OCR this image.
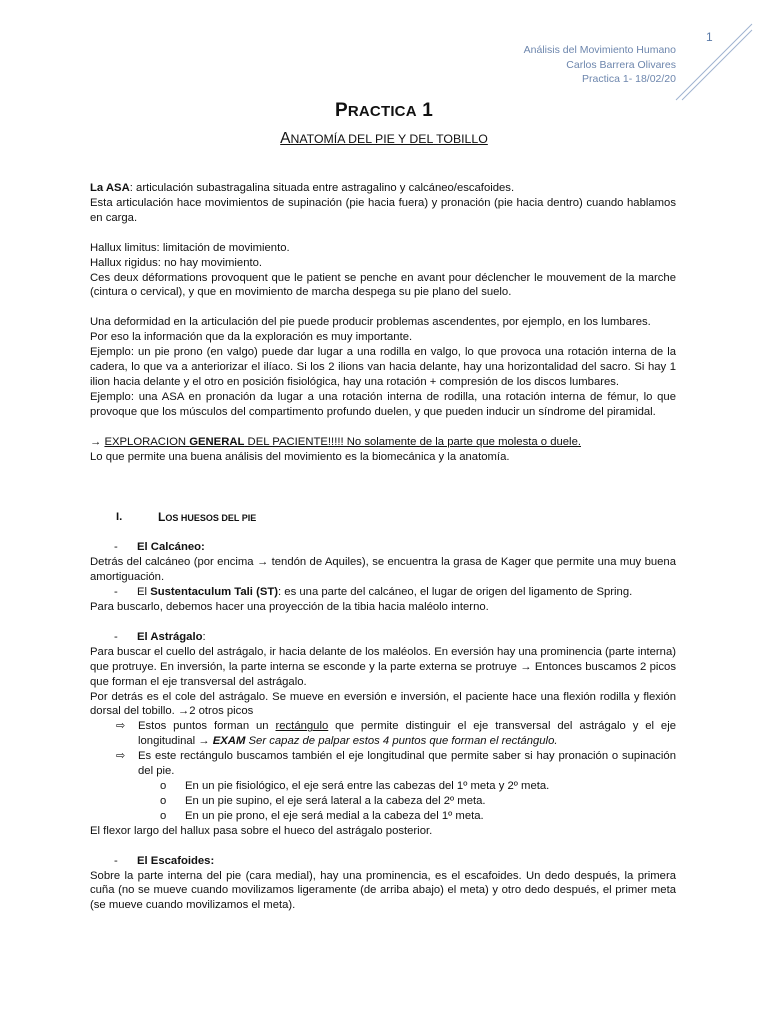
1
Análisis del Movimiento Humano
Carlos Barrera Olivares
Practica 1- 18/02/20
PRACTICA 1
ANATOMÍA DEL PIE Y DEL TOBILLO

La ASA: articulación subastragalina situada entre astragalino y calcáneo/escafoides.

Esta articulación hace movimientos de supinación (pie hacia fuera) y pronación (pie hacia dentro) cuando hablamos en carga.

Hallux limitus: limitación de movimiento.

Hallux rigidus: no hay movimiento.

Ces deux déformations provoquent que le patient se penche en avant pour déclencher le mouvement de la marche (cintura o cervical), y que en movimiento de marcha despega su pie plano del suelo.

Una deformidad en la articulación del pie puede producir problemas ascendentes, por ejemplo, en los lumbares.

Por eso la información que da la exploración es muy importante.

Ejemplo: un pie prono (en valgo) puede dar lugar a una rodilla en valgo, lo que provoca una rotación interna de la cadera, lo que va a anteriorizar el ilíaco. Si los 2 ilions van hacia delante, hay una horizontalidad del sacro. Si hay 1 ilion hacia delante y el otro en posición fisiológica, hay una rotación + compresión de los discos lumbares.

Ejemplo: una ASA en pronación da lugar a una rotación interna de rodilla, una rotación interna de fémur, lo que provoque que los músculos del compartimento profundo duelen, y que pueden inducir un síndrome del piramidal.

→ EXPLORACION GENERAL DEL PACIENTE!!!!! No solamente de la parte que molesta o duele.

Lo que permite una buena análisis del movimiento es la biomecánica y la anatomía.

I.	LOS HUESOS DEL PIE

-	El Calcáneo:

Detrás del calcáneo (por encima → tendón de Aquiles), se encuentra la grasa de Kager que permite una muy buena amortiguación.

-	El Sustentaculum Tali (ST): es una parte del calcáneo, el lugar de origen del ligamento de Spring.

Para buscarlo, debemos hacer una proyección de la tibia hacia maléolo interno.

-	El Astrágalo:

Para buscar el cuello del astrágalo, ir hacia delante de los maléolos. En eversión hay una prominencia (parte interna) que protruye. En inversión, la parte interna se esconde y la parte externa se protruye → Entonces buscamos 2 picos que forman el eje transversal del astrágalo.

Por detrás es el cole del astrágalo. Se mueve en eversión e inversión, el paciente hace una flexión rodilla y flexión dorsal del tobillo. →2 otros picos

⇨	Estos puntos forman un rectángulo que permite distinguir el eje transversal del astrágalo y el eje longitudinal → EXAM Ser capaz de palpar estos 4 puntos que forman el rectángulo.

⇨	Es este rectángulo buscamos también el eje longitudinal que permite saber si hay pronación o supinación del pie.

o	En un pie fisiológico, el eje será entre las cabezas del 1º meta y 2º meta.

o	En un pie supino, el eje será lateral a la cabeza del 2º meta.

o	En un pie prono, el eje será medial a la cabeza del 1º meta.

El flexor largo del hallux pasa sobre el hueco del astrágalo posterior.

-	El Escafoides:

Sobre la parte interna del pie (cara medial), hay una prominencia, es el escafoides. Un dedo después, la primera cuña (no se mueve cuando movilizamos ligeramente (de arriba abajo) el meta) y otro dedo después, el primer meta (se mueve cuando movilizamos el meta).
